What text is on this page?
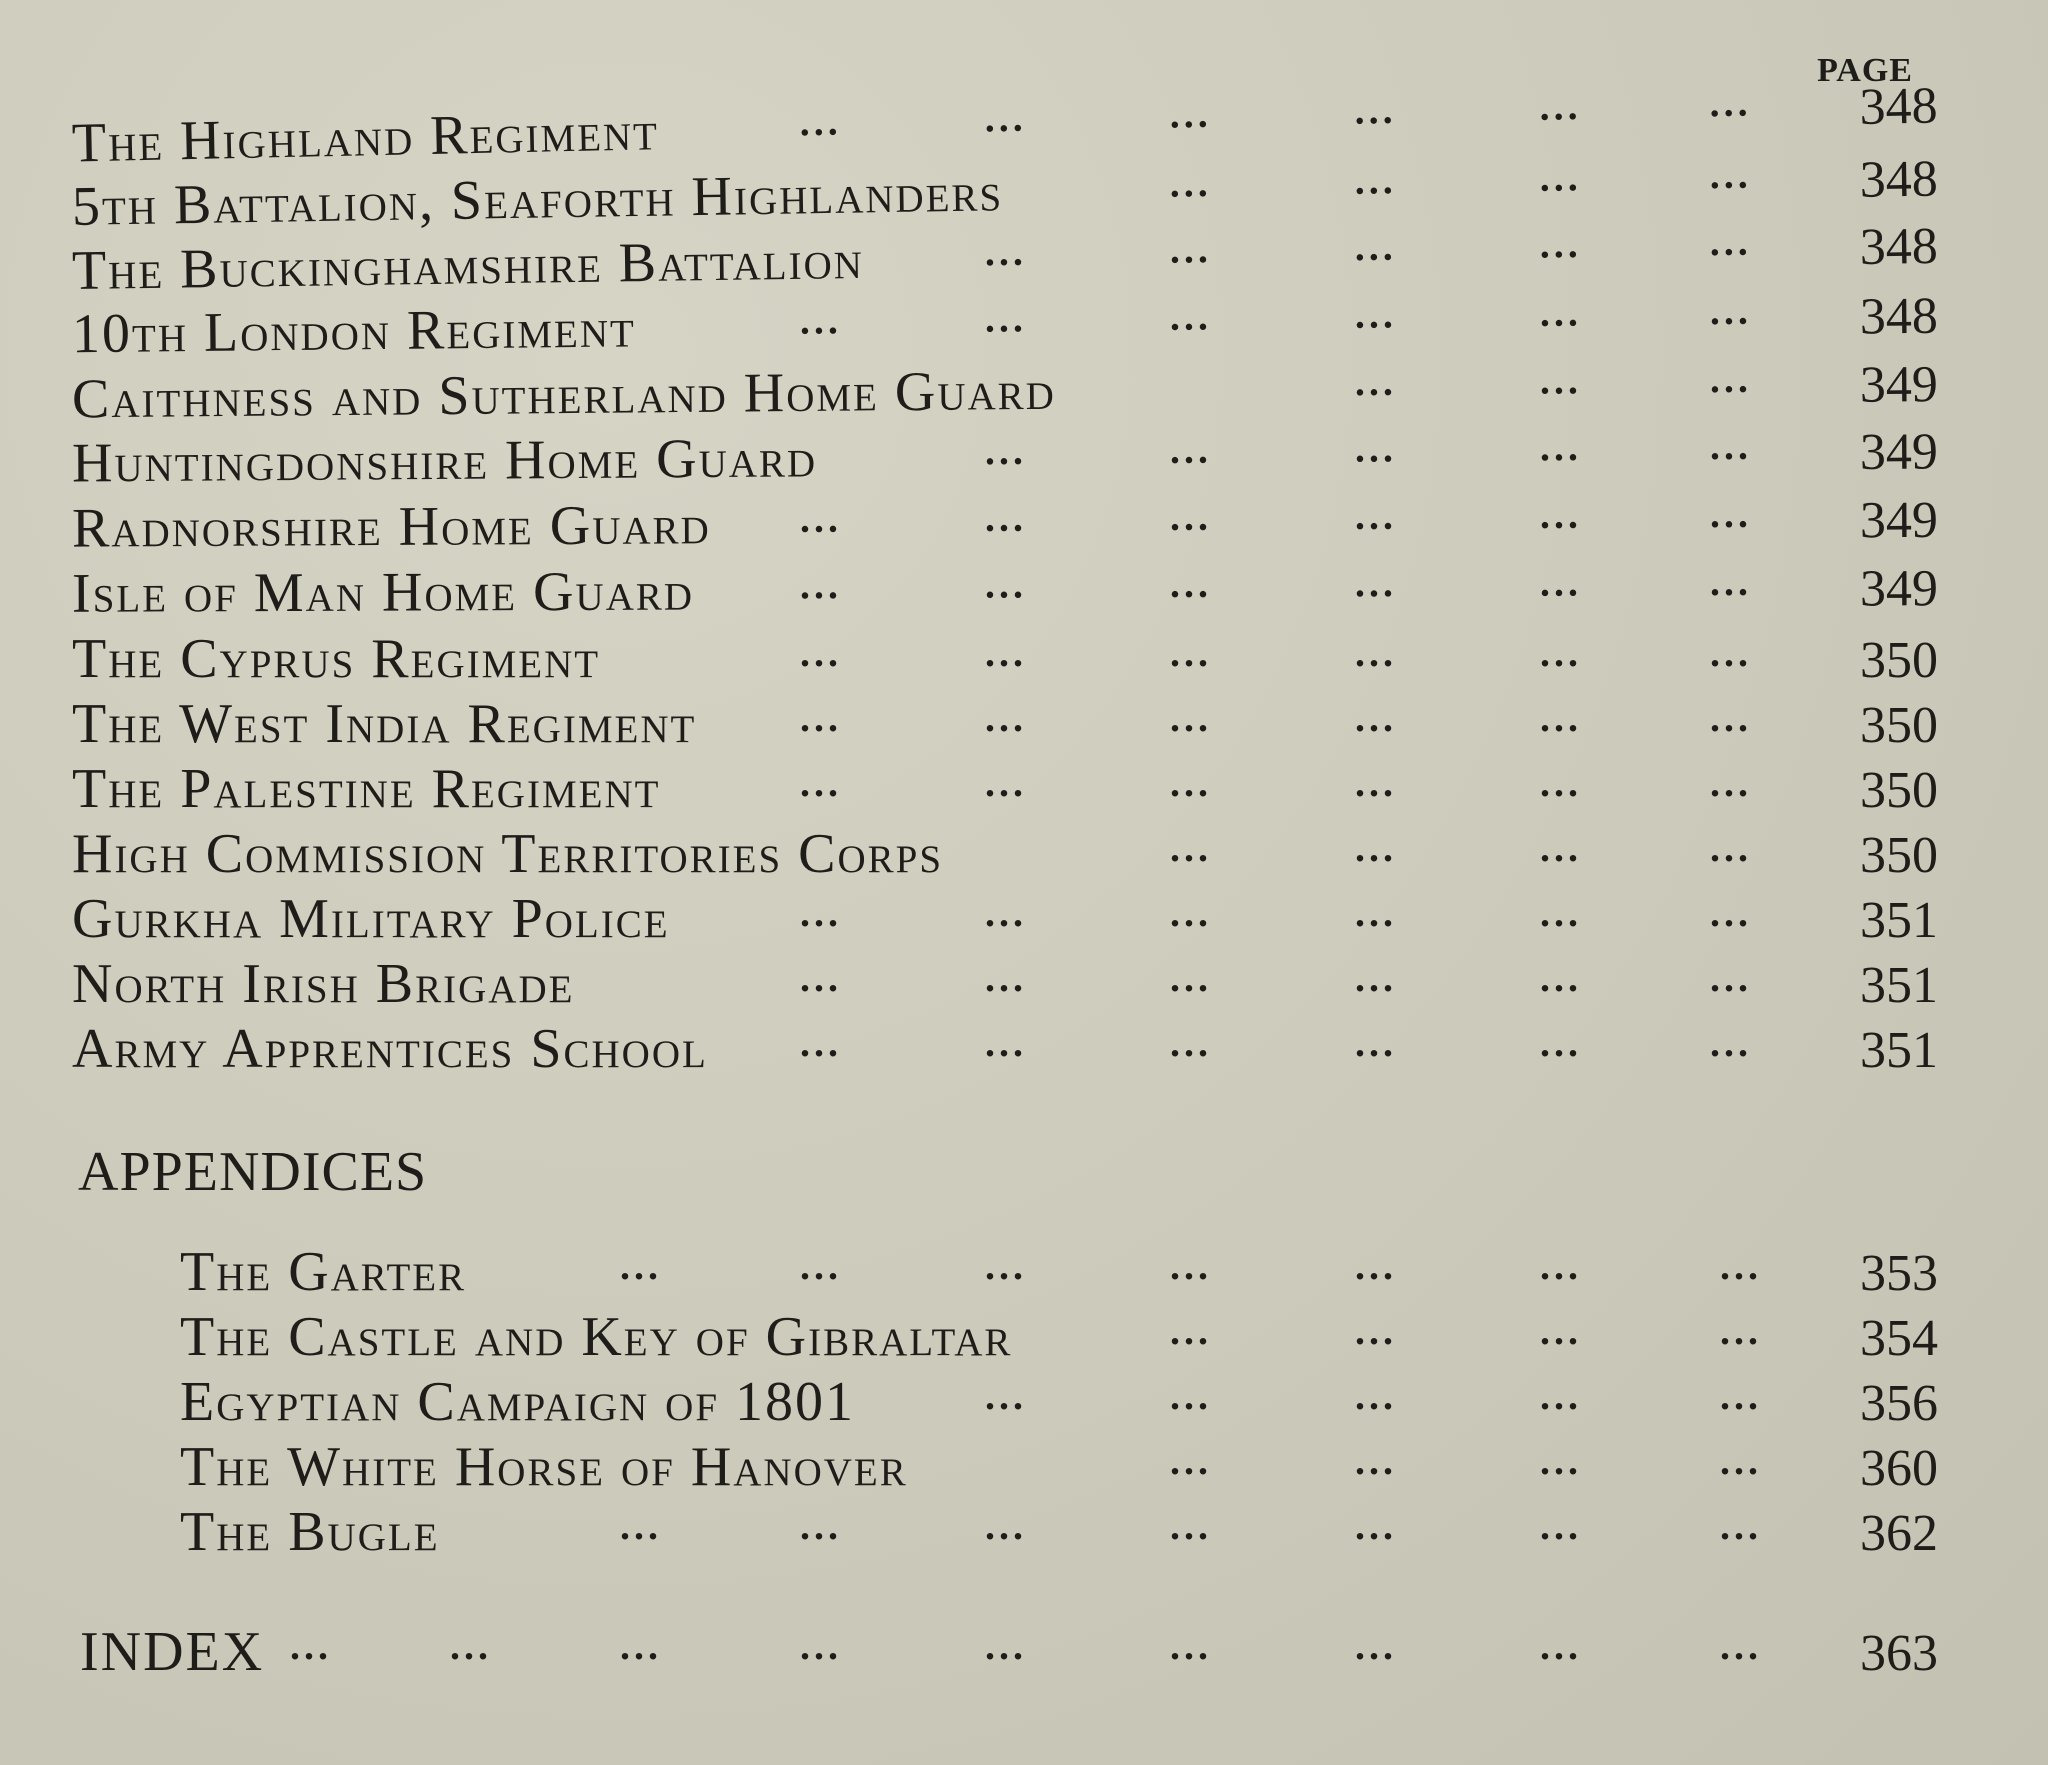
PAGE
The Highland Regiment	...	...	...	...	...	... 348
5th Battalion, Seaforth Highlanders	...	...	...	... 348
The Buckinghamshire Battalion	...	...	...	...	... 348
10th London Regiment	...	...	...	...	...	... 348
Caithness and Sutherland Home Guard	...	...	... 349
Huntingdonshire Home Guard	...	...	...	...	... 349
Radnorshire Home Guard ...	...	...	...	...	... 349
Isle of Man Home Guard	...	...	...	...	...	... 349
The Cyprus Regiment	...	...	...	...	...	... 350
The West India Regiment	...	...	...	...	...	... 350
The Palestine Regiment	...	...	...	...	...	... 350
High Commission Territories Corps	...	...	...	... 350
Gurkha Military Police	...	...	...	...	...	... 351
North Irish Brigade	...	...	...	...	...	... 351
Army Apprentices School ...	...	...	...	...	... 351
APPENDICES
The Garter	...	...	...	...	...	...	... 353
The Castle and Key of Gibraltar	...	...	...	... 354
Egyptian Campaign of 1801	...	...	...	...	... 356
The White Horse of Hanover	...	...	...	... 360
The Bugle	...	...	...	...	...	...	... 362
INDEX ...	...	...	...	...	...	...	...	... 363
